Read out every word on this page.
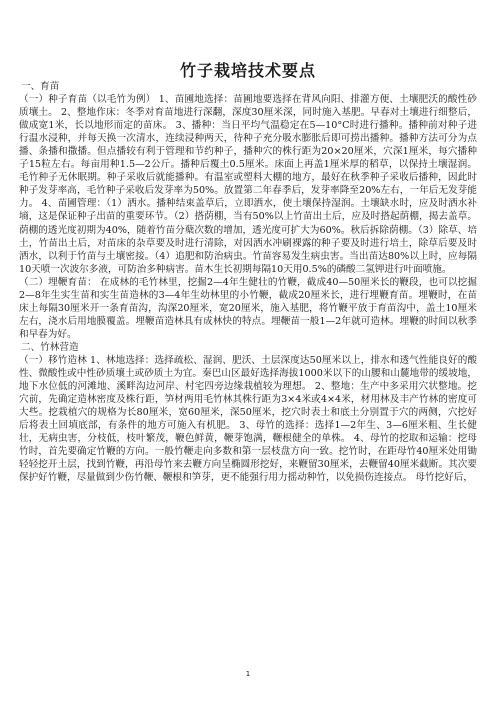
竹子栽培技术要点

一、育苗

（一）种子育苗（以毛竹为例） 1、苗圃地选择：苗圃地要选择在背风向阳、排灌方便、土壤肥沃的酸性砂质壤土。 2、整地作床：冬季对育苗地进行深翻，深度30厘米深，同时施入基肥。早春对土壤进行细整后，做成宽1米，长以地形而定的苗床。 3、播种：当日平均气温稳定在5—10°C时进行播种。播种前对种子进行温水浸种，并每天换一次清水，连续浸种两天，待种子充分吸水膨胀后即可捞出播种。播种方法可分为点播、条播和撒播。但点播较有利于管理和节约种子，播种穴的株行距为20×20厘米，穴深1厘米，每穴播种子15粒左右。每亩用种1.5—2公斤。播种后覆土0.5厘米。床面上再盖1厘米厚的稻草，以保持土壤湿润。 毛竹种子无休眠期。种子采收后就能播种。有温室或塑料大棚的地方，最好在秋季种子采收后播种，因此时种子发芽率高，毛竹种子采收后发芽率为50%。放置第二年春季后，发芽率降至20%左右，一年后无发芽能力。 4、苗圃管理：（1）洒水。播种结束盖草后，立即洒水，使土壤保持湿润。土壤缺水时，应及时洒水补墒，这是保证种子出苗的重要环节。（2）搭荫棚，当有50%以上竹苗出土后，应及时搭起荫棚，揭去盖草。荫棚的透光度初期为40%，随着竹苗分蘖次数的增加，透光度可扩大为60%。秋后拆除荫棚。（3）除草、培土，竹苗出土后，对苗床的杂草要及时进行清除，对因洒水冲刷裸露的种子要及时进行培土，除草后要及时洒水，以利于竹苗与土壤密接。（4）追肥和防治病虫。竹苗容易发生病虫害。当出苗达80%以上时，应每隔10天喷一次波尔多液，可防治多种病害。苗木生长初期每隔10天用0.5%的磷酸二氢钾进行叶面喷施。

（二）埋鞭育苗： 在成林的毛竹林里，挖掘2—4年生健壮的竹鞭，截成40—50厘米长的鞭段，也可以挖掘2—8年生实生苗和实生苗造林的3—4年生幼林里的小竹鞭，截成20厘米长，进行埋鞭育苗。埋鞭时，在苗床上每隔30厘米开一条育苗沟，沟深20厘米，宽20厘米，施入基肥，将竹鞭平放于育苗沟中，盖土10厘米左右，浇水后用地膜覆盖。埋鞭苗造林具有成林快的特点。埋鞭苗一般1—2年就可造林。埋鞭的时间以秋季和早春为好。

二、竹林营造

（一）移竹造林 1、林地选择：选择疏松、湿润、肥沃、土层深度达50厘米以上，排水和透气性能良好的酸性、微酸性或中性砂质壤土或砂质土为宜。秦巴山区最好选择海拔1000米以下的山腰和山麓地带的缓坡地，地下水位低的河滩地、溪畔沟边河岸、村宅四旁边缘栽植较为理想。 2、整地：生产中多采用穴状整地。挖穴前，先确定造林密度及株行距，笋材两用毛竹林其株行距为3×4米或4×4米，材用林及丰产竹林的密度可大些。挖栽植穴的规格为长80厘米，宽60厘米，深50厘米，挖穴时表土和底土分别置于穴的两侧，穴挖好后将表土回填底部，有条件的地方可施入有机肥。 3、母竹的选择：选择1—2年生、3—6厘米粗、生长健壮，无病虫害，分枝低，枝叶繁茂，鞭色鲜黄，鞭芽饱满，鞭根健全的单株。 4、母竹的挖取和运输：挖母竹时，首先要确定竹鞭的方向。一般竹鞭走向多数和第一层枝盘方向一致。挖竹时，在距母竹40厘米处用锄轻轻挖开土层，找到竹鞭，再沿母竹来去鞭方向呈椭圆形挖好，来鞭留30厘米，去鞭留40厘米截断。其次要保护好竹鞭，尽量做到少伤竹鞭、鞭根和笋芽，更不能强行用力摇动种竹，以免损伤连接点。 母竹挖好后，

1
